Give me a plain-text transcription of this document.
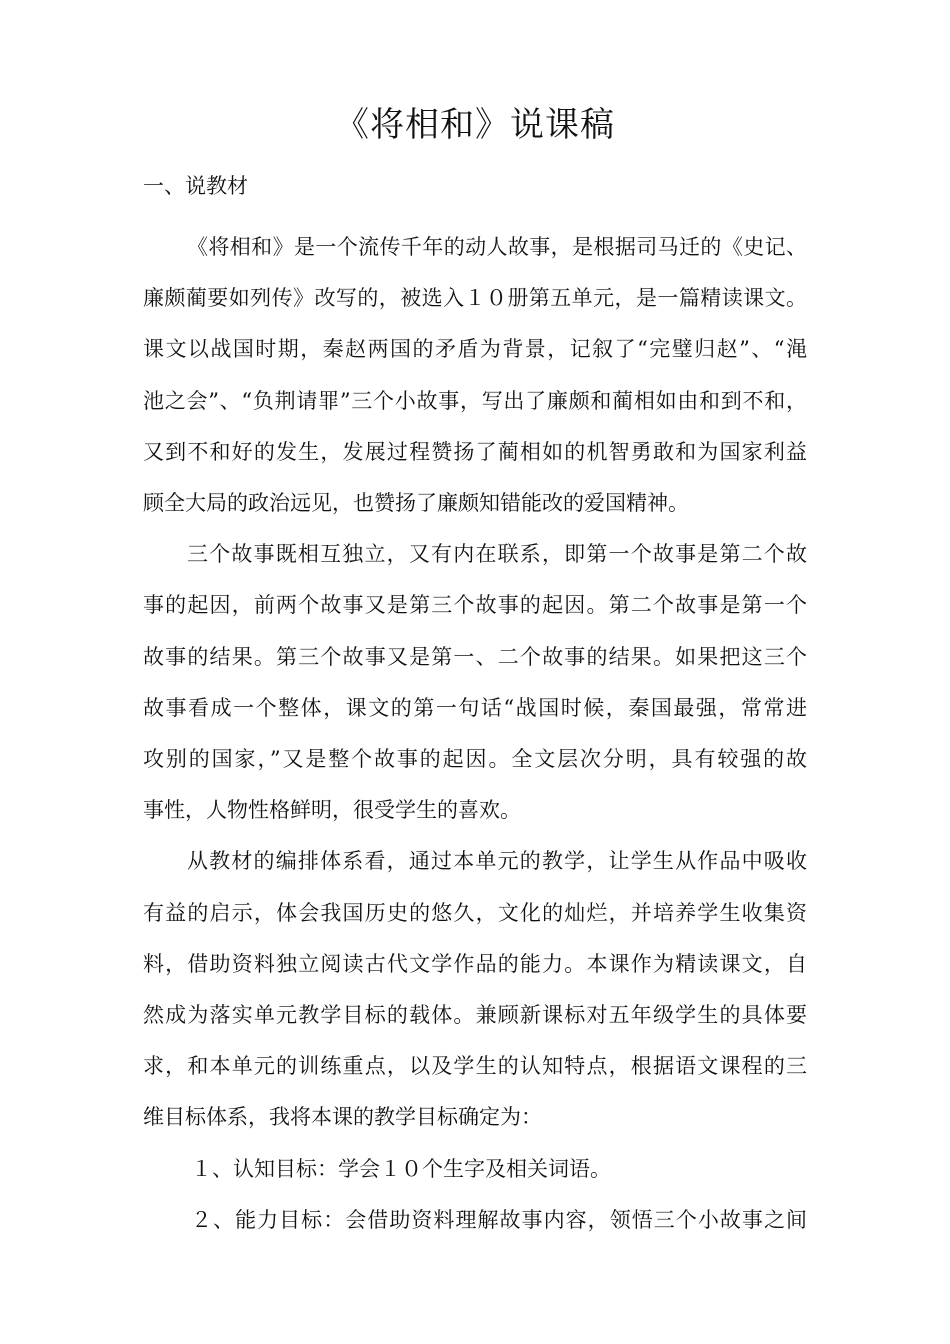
《将相和》说课稿
一、说教材

《将相和》是一个流传千年的动人故事，是根据司马迁的《史记、
廉颇蔺要如列传》改写的，被选入１０册第五单元，是一篇精读课文。
课文以战国时期，秦赵两国的矛盾为背景，记叙了“完璧归赵”、“渑
池之会”、“负荆请罪”三个小故事，写出了廉颇和蔺相如由和到不和，
又到不和好的发生，发展过程赞扬了蔺相如的机智勇敢和为国家利益
顾全大局的政治远见，也赞扬了廉颇知错能改的爱国精神。

三个故事既相互独立，又有内在联系，即第一个故事是第二个故
事的起因，前两个故事又是第三个故事的起因。第二个故事是第一个
故事的结果。第三个故事又是第一、二个故事的结果。如果把这三个
故事看成一个整体，课文的第一句话“战国时候，秦国最强，常常进
攻别的国家，”又是整个故事的起因。全文层次分明，具有较强的故
事性，人物性格鲜明，很受学生的喜欢。

从教材的编排体系看，通过本单元的教学，让学生从作品中吸收
有益的启示，体会我国历史的悠久，文化的灿烂，并培养学生收集资
料，借助资料独立阅读古代文学作品的能力。本课作为精读课文，自
然成为落实单元教学目标的载体。兼顾新课标对五年级学生的具体要
求，和本单元的训练重点，以及学生的认知特点，根据语文课程的三
维目标体系，我将本课的教学目标确定为：

１、认知目标：学会１０个生字及相关词语。
２、能力目标：会借助资料理解故事内容，领悟三个小故事之间
